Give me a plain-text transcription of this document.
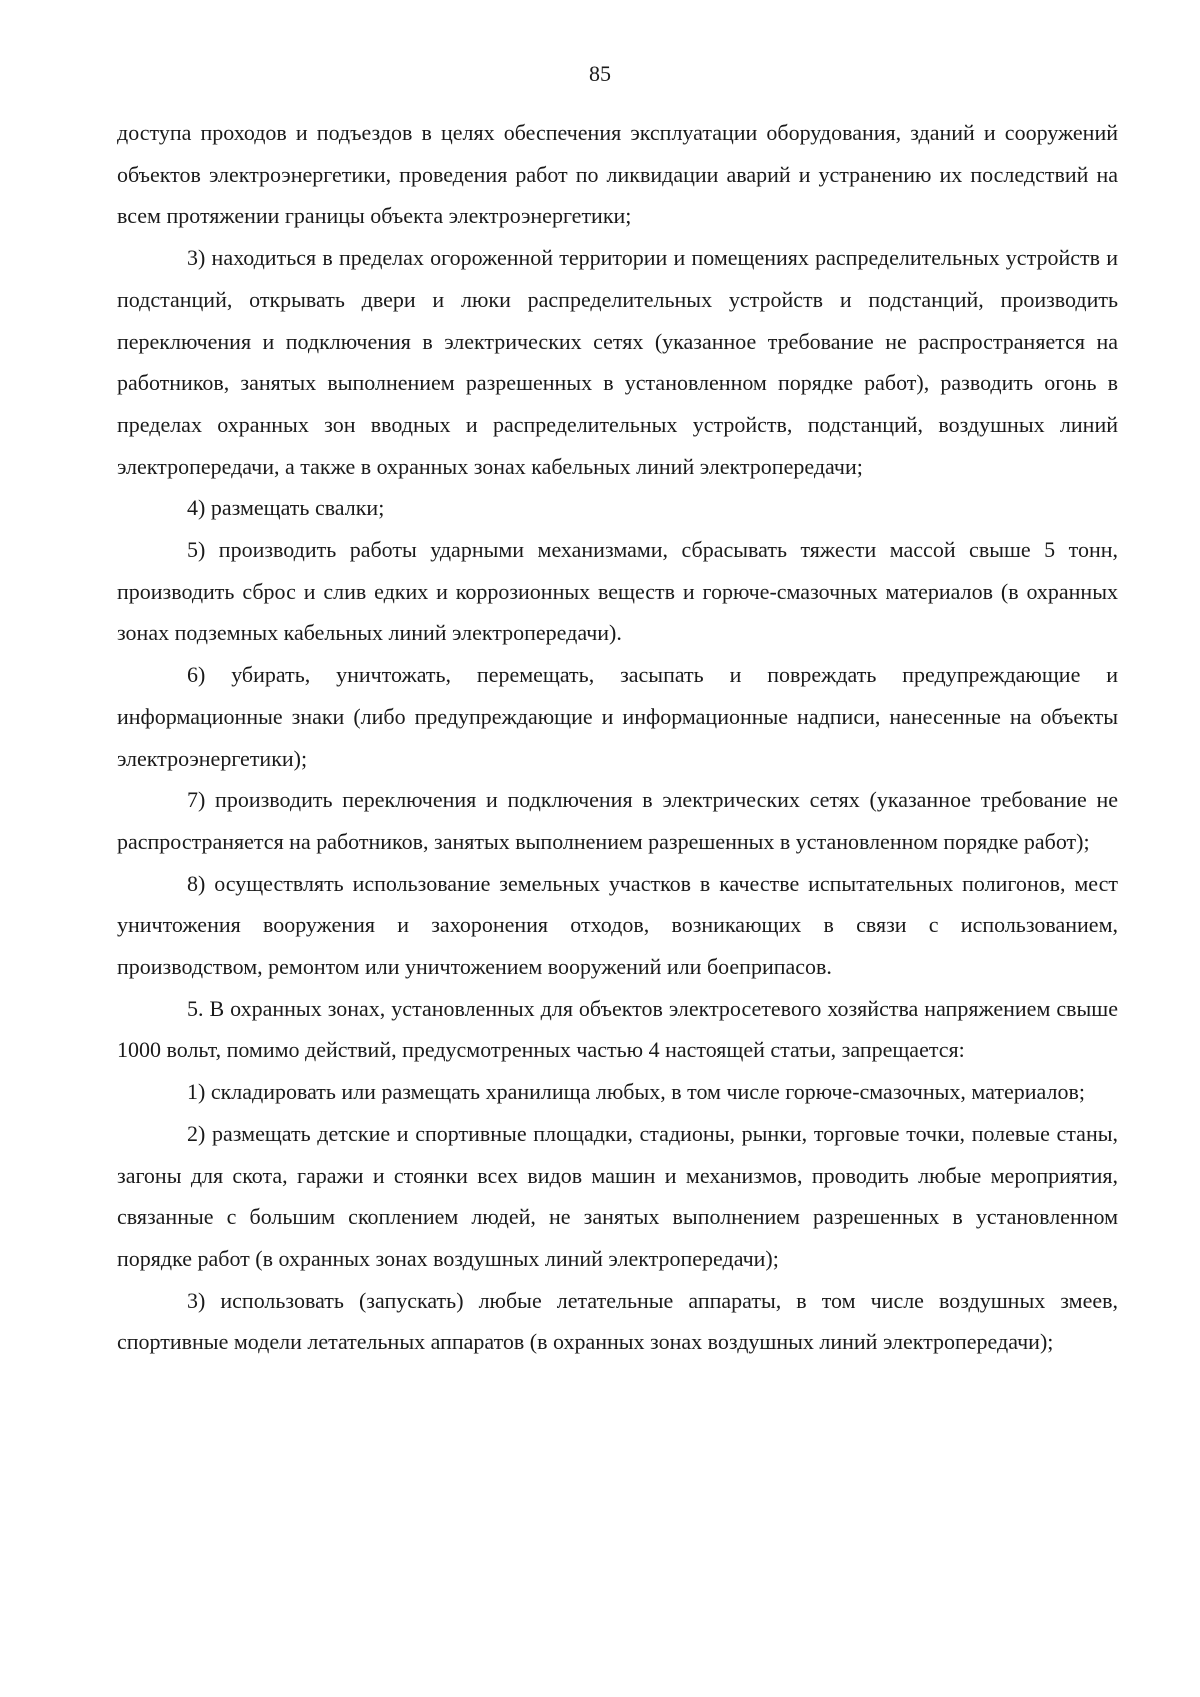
85

доступа проходов и подъездов в целях обеспечения эксплуатации оборудования, зданий и сооружений объектов электроэнергетики, проведения работ по ликвидации аварий и устранению их последствий на всем протяжении границы объекта электроэнергетики;

3) находиться в пределах огороженной территории и помещениях распределительных устройств и подстанций, открывать двери и люки распределительных устройств и подстанций, производить переключения и подключения в электрических сетях (указанное требование не распространяется на работников, занятых выполнением разрешенных в установленном порядке работ), разводить огонь в пределах охранных зон вводных и распределительных устройств, подстанций, воздушных линий электропередачи, а также в охранных зонах кабельных линий электропередачи;

4) размещать свалки;

5) производить работы ударными механизмами, сбрасывать тяжести массой свыше 5 тонн, производить сброс и слив едких и коррозионных веществ и горюче-смазочных материалов (в охранных зонах подземных кабельных линий электропередачи).

6) убирать, уничтожать, перемещать, засыпать и повреждать предупреждающие и информационные знаки (либо предупреждающие и информационные надписи, нанесенные на объекты электроэнергетики);

7) производить переключения и подключения в электрических сетях (указанное требование не распространяется на работников, занятых выполнением разрешенных в установленном порядке работ);

8) осуществлять использование земельных участков в качестве испытательных полигонов, мест уничтожения вооружения и захоронения отходов, возникающих в связи с использованием, производством, ремонтом или уничтожением вооружений или боеприпасов.

5. В охранных зонах, установленных для объектов электросетевого хозяйства напряжением свыше 1000 вольт, помимо действий, предусмотренных частью 4 настоящей статьи, запрещается:

1) складировать или размещать хранилища любых, в том числе горюче-смазочных, материалов;

2) размещать детские и спортивные площадки, стадионы, рынки, торговые точки, полевые станы, загоны для скота, гаражи и стоянки всех видов машин и механизмов, проводить любые мероприятия, связанные с большим скоплением людей, не занятых выполнением разрешенных в установленном порядке работ (в охранных зонах воздушных линий электропередачи);

3) использовать (запускать) любые летательные аппараты, в том числе воздушных змеев, спортивные модели летательных аппаратов (в охранных зонах воздушных линий электропередачи);
